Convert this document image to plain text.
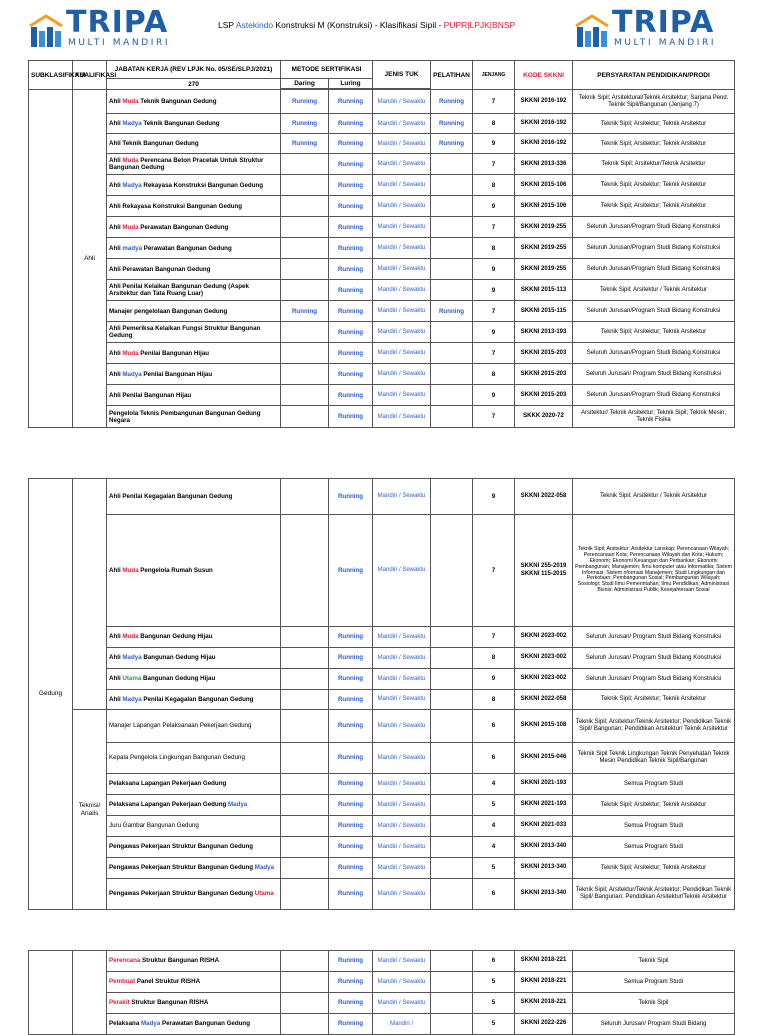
TRIPA
MULTI MANDIRI
TRIPA
MULTI MANDIRI
LSP Astekindo Konstruksi M (Konstruksi) - Klasifikasi Sipil - PUPR|LPJK|BNSP
SUBKLASIFIKASI	KUALIFIKASI	JABATAN KERJA (REV LPJK No. 05/SE/SLPJ/2021)	METODE SERTIFIKASI		JENIS TUK	PELATIHAN	JENJANG	KODE SKKNI	PERSYARATAN PENDIDIKAN/PRODI
		270	Daring	Luring					

	Ahli	Ahli Muda Teknik Bangunan Gedung	Running	Running	Mandiri / Sewaktu	Running	7	SKKNI 2016-192	Teknik Sipil; Arsitektural/Teknik Arsitektur; Sarjana Pend. Teknik Sipil/Bangunan (Jenjang 7)
		Ahli Madya Teknik Bangunan Gedung	Running	Running	Mandiri / Sewaktu	Running	8	SKKNI 2016-192	Teknik Sipil; Arsitektur; Teknik Arsitektur
		Ahli Teknik Bangunan Gedung	Running	Running	Mandiri / Sewaktu	Running	9	SKKNI 2016-192	Teknik Sipil; Arsitektur; Teknik Arsitektur
		Ahli Muda Perencana Beton Pracetak Untuk Struktur Bangunan Gedung		Running	Mandiri / Sewaktu		7	SKKNI 2013-336	Teknik Sipil; Arsitektur/Teknik Arsitektur
		Ahli Madya Rekayasa Konstruksi Bangunan Gedung		Running	Mandiri / Sewaktu		8	SKKNI 2015-106	Teknik Sipil; Arsitektur; Teknik Arsitektur
		Ahli Rekayasa Konstruksi Bangunan Gedung		Running	Mandiri / Sewaktu		9	SKKNI 2015-106	Teknik Sipil; Arsitektur; Teknik Arsitektur
		Ahli Muda Perawatan Bangunan Gedung		Running	Mandiri / Sewaktu		7	SKKNI 2019-255	Seluruh Jurusan/Program Studi Bidang Konstruksi
		Ahli madya Perawatan Bangunan Gedung		Running	Mandiri / Sewaktu		8	SKKNI 2019-255	Seluruh Jurusan/Program Studi Bidang Konstruksi
		Ahli Perawatan Bangunan Gedung		Running	Mandiri / Sewaktu		9	SKKNI 2019-255	Seluruh Jurusan/Program Studi Bidang Konstruksi
		Ahli Penilai Kelaikan Bangunan Gedung (Aspek Arsitektur dan Tata Ruang Luar)		Running	Mandiri / Sewaktu		9	SKKNI 2015-113	Teknik Sipil; Arsitektur / Teknik Arsitektur
		Manajer pengelolaan Bangunan Gedung	Running	Running	Mandiri / Sewaktu	Running	7	SKKNI 2015-115	Seluruh Jurusan/Program Studi Bidang Konstruksi
		Ahli Pemeriksa Kelaikan Fungsi Struktur Bangunan Gedung		Running	Mandiri / Sewaktu		9	SKKNI 2013-193	Teknik Sipil; Arsitektur; Teknik Arsitektur
		Ahli Muda Penilai Bangunan Hijau		Running	Mandiri / Sewaktu		7	SKKNI 2015-203	Seluruh Jurusan/Program Studi Bidang Konstruksi
		Ahli Madya Penilai Bangunan Hijau		Running	Mandiri / Sewaktu		8	SKKNI 2015-203	Seluruh Jurusan/ Program Studi Bidang Konstruksi
		Ahli Penilai Bangunan Hijau		Running	Mandiri / Sewaktu		9	SKKNI 2015-203	Seluruh Jurusan/Program Studi Bidang Konstruksi
		Pengelola Teknis Pembangunan Bangunan Gedung Negara		Running	Mandiri / Sewaktu		7	SKKK 2020-72	Arsitektur/ Teknik Arsitektur; Teknik Sipil; Teknik Mesin; Teknik Fisika
Gedung		Ahli Penilai Kegagalan Bangunan Gedung		Running	Mandiri / Sewaktu		9	SKKNI 2022-058	Teknik Sipil; Arsitektur / Teknik Arsitektur
		Ahli Muda Pengelola Rumah Susun		Running	Mandiri / Sewaktu		7	SKKNI 255-2019 SKKNI 115-2015	Teknik Sipil; Arsitektur; Arsitektur Lanskap; Perencanaan Wilayah; Perencanaan Kota; Perencanaan Wilayah dan Kota; Hukum; Ekonomi; Ekonomi Keuangan dan Perbankan; Ekonomi Pembangunan; Manajemen; Ilmu komputer atau Informatika; Sistem Informasi; Sistem nformasi Manajemen; Studi Lingkungan dan Perkotaan; Pembangunan Sosial; Pembangunan Wilayah; Sosiologi; Studi Ilmu Pemerintahan; Ilmu Pendidikan; Administrasi Bisnis; Administrasi Publik; Kesejahteraan Sosial
		Ahli Muda Bangunan Gedung Hijau		Running	Mandiri / Sewaktu		7	SKKNI 2023-002	Seluruh Jurusan/ Program Studi Bidang Konstruksi
		Ahli Madya Bangunan Gedung Hijau		Running	Mandiri / Sewaktu		8	SKKNI 2023-002	Seluruh Jurusan/ Program Studi Bidang Konstruksi
		Ahli Utama Bangunan Gedung Hijau		Running	Mandiri / Sewaktu		9	SKKNI 2023-002	Seluruh Jurusan/ Program Studi Bidang Konstruksi
		Ahli Madya Penilai Kegagalan Bangunan Gedung		Running	Mandiri / Sewaktu		8	SKKNI 2022-058	Teknik Sipil; Arsitektur; Teknik Arsitektur
	Teknisi/ Analis	Manajer Lapangan Pelaksanaan Pekerjaan Gedung		Running	Mandiri / Sewaktu		6	SKKNI 2015-108	Teknik Sipil; Arsitektur/Teknik Arsitektur; Pendidikan Teknik Sipil/ Bangunan; Pendidikan Arsitektur/ Teknik Arsitektur
		Kepala Pengelola Lingkungan Bangunan Gedung		Running	Mandiri / Sewaktu		6	SKKNI 2015-046	Teknik Sipil Teknik Lingkungan Teknik Penyehatan Teknik Mesin Pendidikan Teknik Sipil/Bangunan
		Pelaksana Lapangan Pekerjaan Gedung		Running	Mandiri / Sewaktu		4	SKKNI 2021-193	Semua Program Studi
		Pelaksana Lapangan Pekerjaan Gedung Madya		Running	Mandiri / Sewaktu		5	SKKNI 2021-193	Teknik Sipil; Arsitektur; Teknik Arsitektur
		Juru Gambar Bangunan Gedung		Running	Mandiri / Sewaktu		4	SKKNI 2021-033	Semua Program Studi
		Pengawas Pekerjaan Struktur Bangunan Gedung		Running	Mandiri / Sewaktu		4	SKKNI 2013-340	Semua Program Studi
		Pengawas Pekerjaan Struktur Bangunan Gedung Madya		Running	Mandiri / Sewaktu		5	SKKNI 2013-340	Teknik Sipil; Arsitektur; Teknik Arsitektur
		Pengawas Pekerjaan Struktur Bangunan Gedung Utama		Running	Mandiri / Sewaktu		6	SKKNI 2013-340	Teknik Sipil; Arsitektur/Teknik Arsitektur; Pendidikan Teknik Sipil/ Bangunan; Pendidikan Arsitektur/Teknik Arsitektur
		Perencana Struktur Bangunan RISHA		Running	Mandiri / Sewaktu		6	SKKNI 2018-221	Teknik Sipil
		Pembuat Panel Struktur RISHA		Running	Mandiri / Sewaktu		5	SKKNI 2018-221	Semua Program Studi
		Perakit Struktur Bangunan RISHA		Running	Mandiri / Sewaktu		5	SKKNI 2018-221	Teknik Sipil
		Pelaksana Madya Perawatan Bangunan Gedung		Running	Mandiri /		5	SKKNI 2022-226	Seluruh Jurusan/ Program Studi Bidang
